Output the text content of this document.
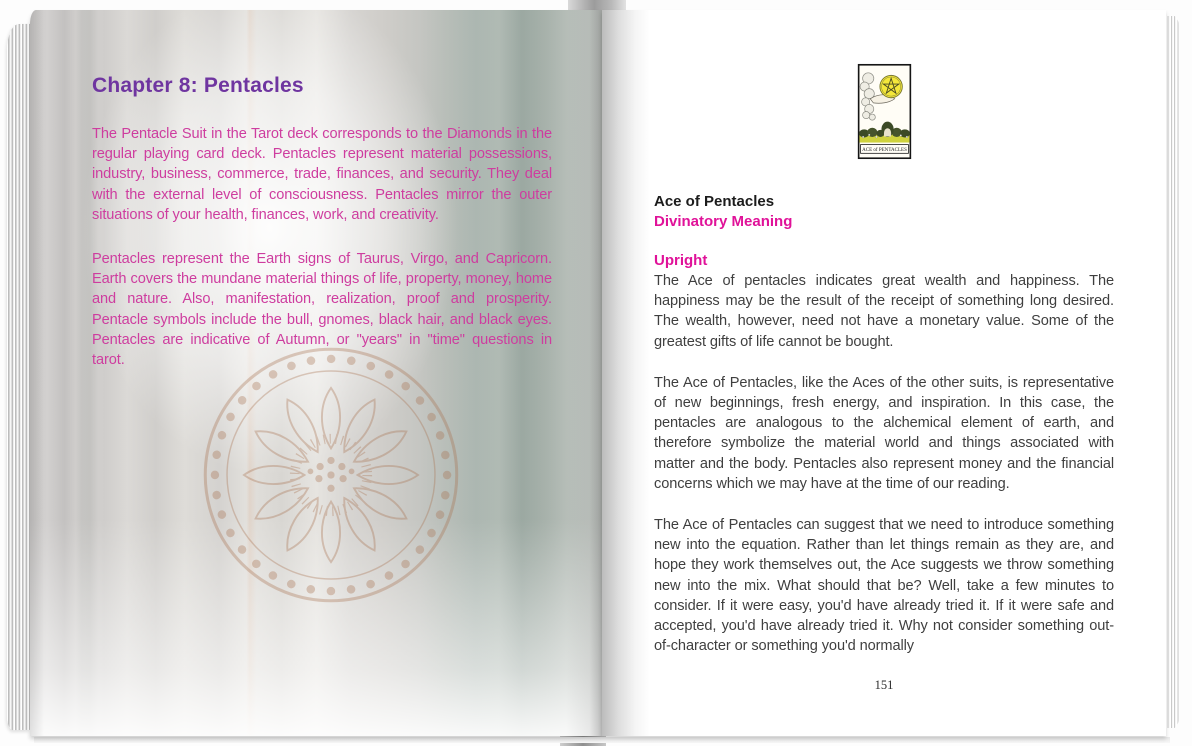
Chapter 8: Pentacles

The Pentacle Suit in the Tarot deck corresponds to the Diamonds in the regular playing card deck. Pentacles represent material possessions, industry, business, commerce, trade, finances, and security. They deal with the external level of consciousness. Pentacles mirror the outer situations of your health, finances, work, and creativity.

Pentacles represent the Earth signs of Taurus, Virgo, and Capricorn. Earth covers the mundane material things of life, property, money, home and nature. Also, manifestation, realization, proof and prosperity. Pentacle symbols include the bull, gnomes, black hair, and black eyes. Pentacles are indicative of Autumn, or "years" in "time" questions in tarot.

ACE of PENTACLES
Ace of Pentacles
Divinatory Meaning
Upright

The Ace of pentacles indicates great wealth and happiness. The happiness may be the result of the receipt of something long desired. The wealth, however, need not have a monetary value. Some of the greatest gifts of life cannot be bought.

The Ace of Pentacles, like the Aces of the other suits, is representative of new beginnings, fresh energy, and inspiration. In this case, the pentacles are analogous to the alchemical element of earth, and therefore symbolize the material world and things associated with matter and the body. Pentacles also represent money and the financial concerns which we may have at the time of our reading.

The Ace of Pentacles can suggest that we need to introduce something new into the equation. Rather than let things remain as they are, and hope they work themselves out, the Ace suggests we throw something new into the mix. What should that be? Well, take a few minutes to consider. If it were easy, you'd have already tried it. If it were safe and accepted, you'd have already tried it. Why not consider something out-of-character or something you'd normally

151
